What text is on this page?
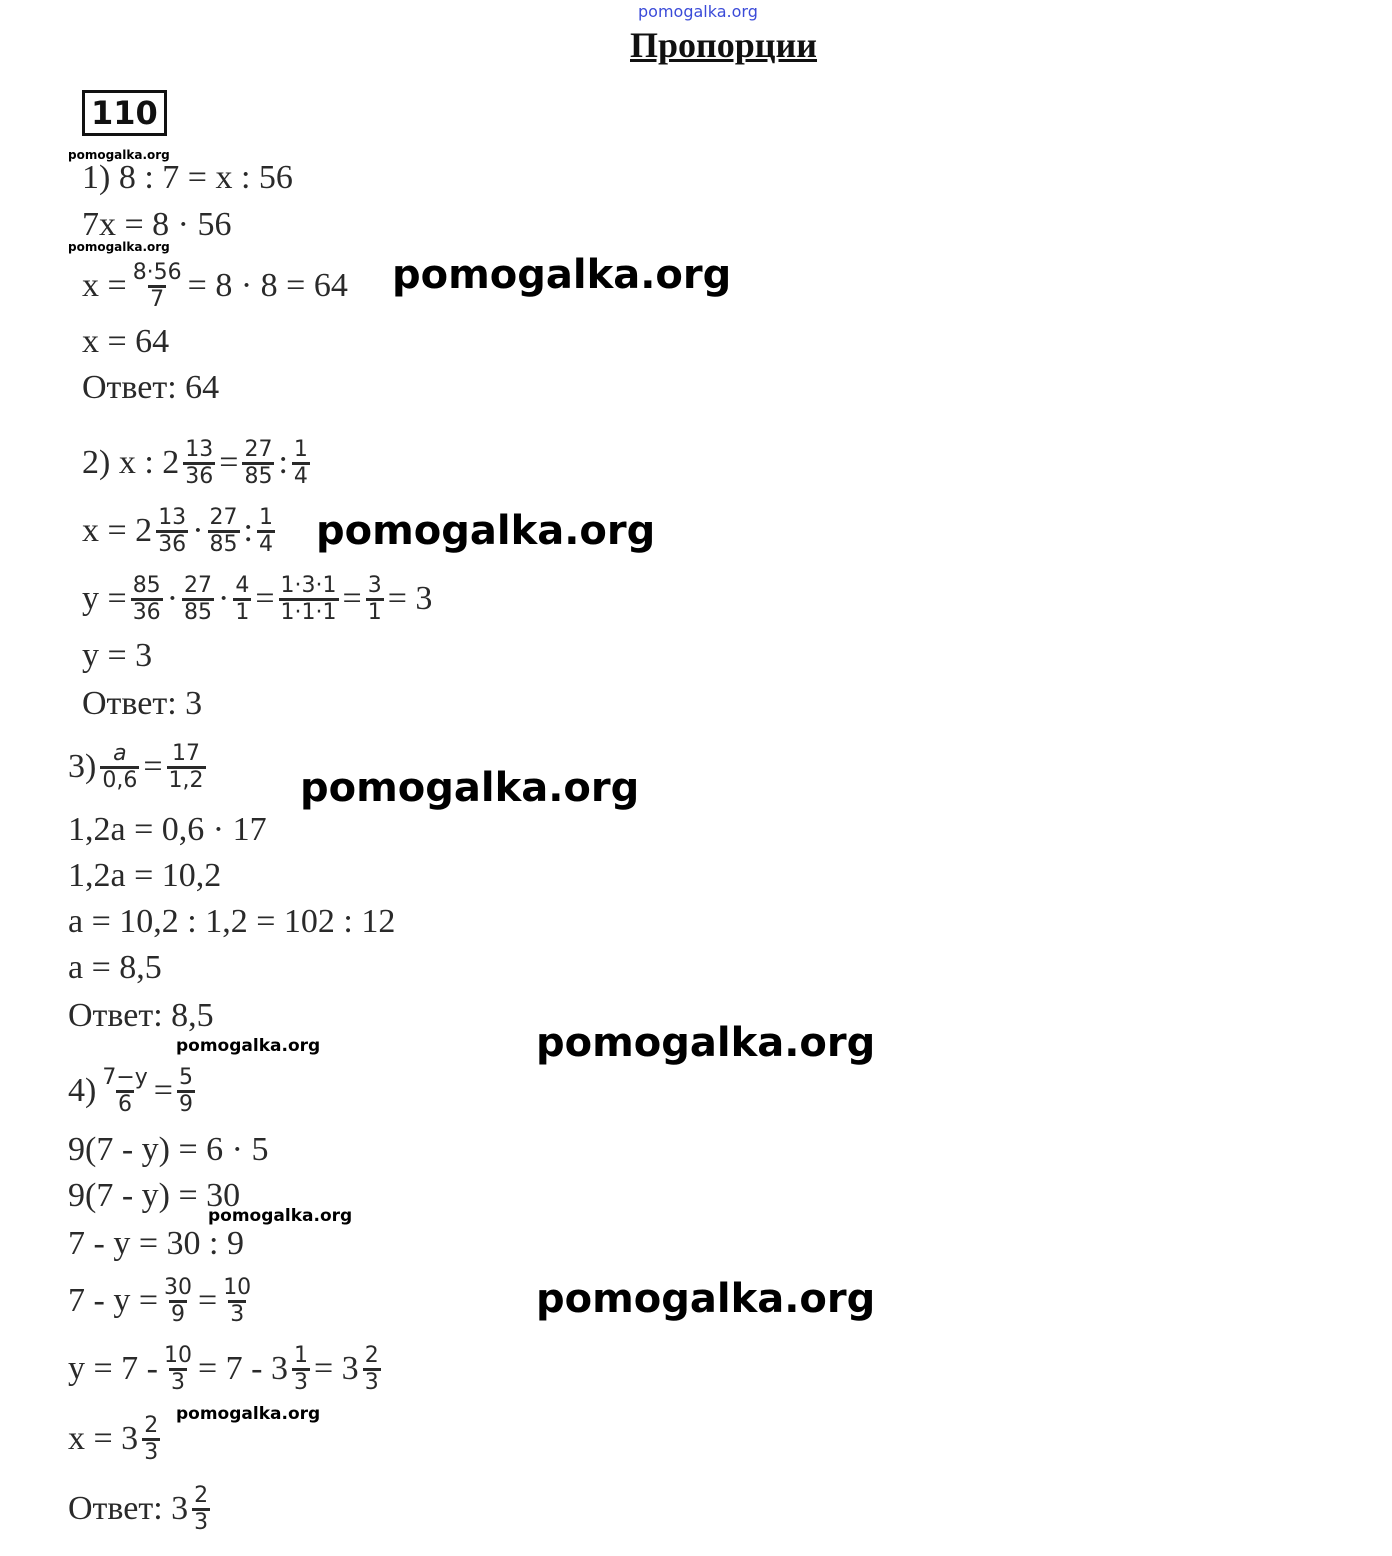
pomogalka.org
Пропорции
110
pomogalka.org
1) 8 : 7 = x : 56
7x = 8 · 56
pomogalka.org
$x = \frac{8\cdot 56}{7} = 8 \cdot 8 = 64$ pomogalka.org
x = 64
Ответ: 64
2) x : $2 \frac{13}{36} = \frac{27}{85}$ : $\frac{1}{4}$
$x = 2 \frac{13}{36} \cdot \frac{27}{85}$ : $\frac{1}{4}$ pomogalka.org
$y = \frac{85}{36} \cdot \frac{27}{85} \cdot \frac{4}{1} = \frac{1\cdot 3\cdot 1}{1\cdot 1\cdot 1} = \frac{3}{1} = 3$
y = 3
Ответ: 3
$3) \frac{a}{0,6} = \frac{17}{1,2}$ pomogalka.org
1,2a = 0,6 · 17
1,2a = 10,2
a = 10,2 : 1,2 = 102 : 12
a = 8,5
Ответ: 8,5
pomogalka.org	pomogalka.org
$4) \frac{7-y}{6} = \frac{5}{9}$
9(7 - y) = 6 · 5
9(7 - y) = 30
pomogalka.org
7 - y = 30 : 9
$7 - y = \frac{30}{9} = \frac{10}{3}$	pomogalka.org
$y = 7 - \frac{10}{3} = 7 - 3 \frac{1}{3} = 3 \frac{2}{3}$
pomogalka.org
$x = 3 \frac{2}{3}$
Ответ: $3 \frac{2}{3}$
